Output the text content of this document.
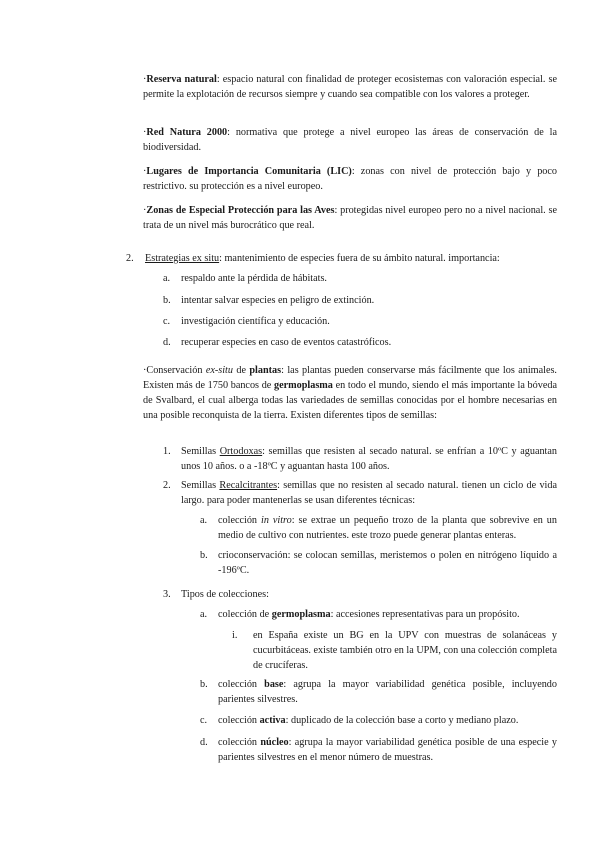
·Reserva natural: espacio natural con finalidad de proteger ecosistemas con valoración especial. se permite la explotación de recursos siempre y cuando sea compatible con los valores a proteger.
·Red Natura 2000: normativa que protege a nivel europeo las áreas de conservación de la biodiversidad.
·Lugares de Importancia Comunitaria (LIC): zonas con nivel de protección bajo y poco restrictivo. su protección es a nivel europeo.
·Zonas de Especial Protección para las Aves: protegidas nivel europeo pero no a nivel nacional. se trata de un nivel más burocrático que real.
2. Estrategias ex situ: mantenimiento de especies fuera de su ámbito natural. importancia:
a. respaldo ante la pérdida de hábitats.
b. intentar salvar especies en peligro de extinción.
c. investigación científica y educación.
d. recuperar especies en caso de eventos catastróficos.
·Conservación ex-situ de plantas: las plantas pueden conservarse más fácilmente que los animales. Existen más de 1750 bancos de germoplasma en todo el mundo, siendo el más importante la bóveda de Svalbard, el cual alberga todas las variedades de semillas conocidas por el hombre necesarias en una posible reconquista de la tierra. Existen diferentes tipos de semillas:
1. Semillas Ortodoxas: semillas que resisten al secado natural. se enfrían a 10ºC y aguantan unos 10 años. o a -18ºC y aguantan hasta 100 años.
2. Semillas Recalcitrantes: semillas que no resisten al secado natural. tienen un ciclo de vida largo. para poder mantenerlas se usan diferentes técnicas:
a. colección in vitro: se extrae un pequeño trozo de la planta que sobrevive en un medio de cultivo con nutrientes. este trozo puede generar plantas enteras.
b. crioconservación: se colocan semillas, meristemos o polen en nitrógeno líquido a -196ºC.
3. Tipos de colecciones:
a. colección de germoplasma: accesiones representativas para un propósito.
i. en España existe un BG en la UPV con muestras de solanáceas y cucurbitáceas. existe también otro en la UPM, con una colección completa de crucíferas.
b. colección base: agrupa la mayor variabilidad genética posible, incluyendo parientes silvestres.
c. colección activa: duplicado de la colección base a corto y mediano plazo.
d. colección núcleo: agrupa la mayor variabilidad genética posible de una especie y parientes silvestres en el menor número de muestras.
